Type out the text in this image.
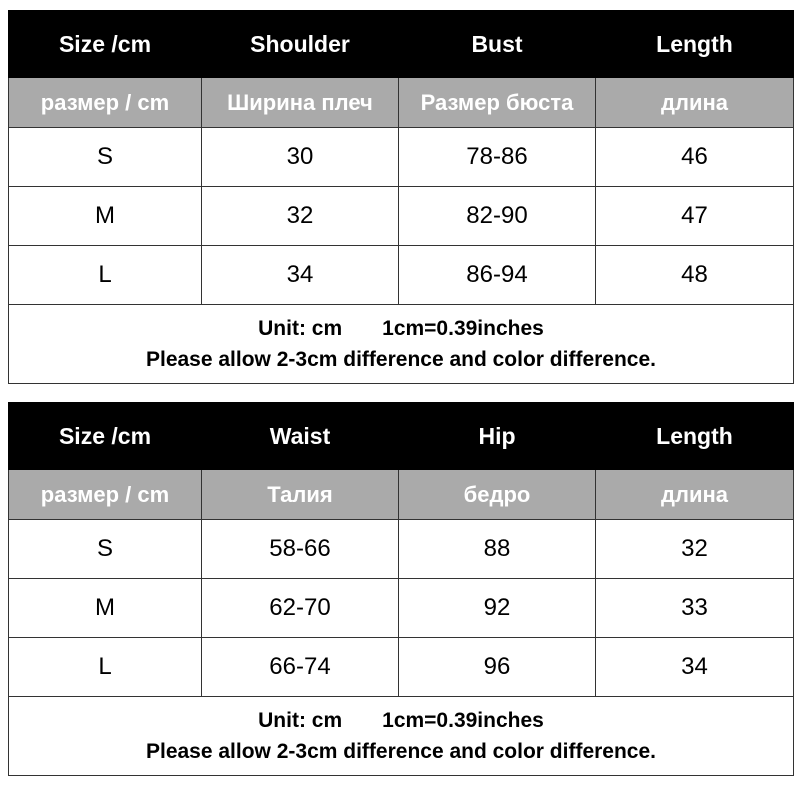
Size /cm	Shoulder	Bust	Length
размер / cm	Ширина плеч	Размер бюста	длина
S	30	78-86	46
M	32	82-90	47
L	34	86-94	48

Unit: cm 1cm=0.39inches
Please allow 2-3cm difference and color difference.			
Size /cm	Waist	Hip	Length
размер / cm	Талия	бедро	длина
S	58-66	88	32
M	62-70	92	33
L	66-74	96	34

Unit: cm 1cm=0.39inches
Please allow 2-3cm difference and color difference.			
